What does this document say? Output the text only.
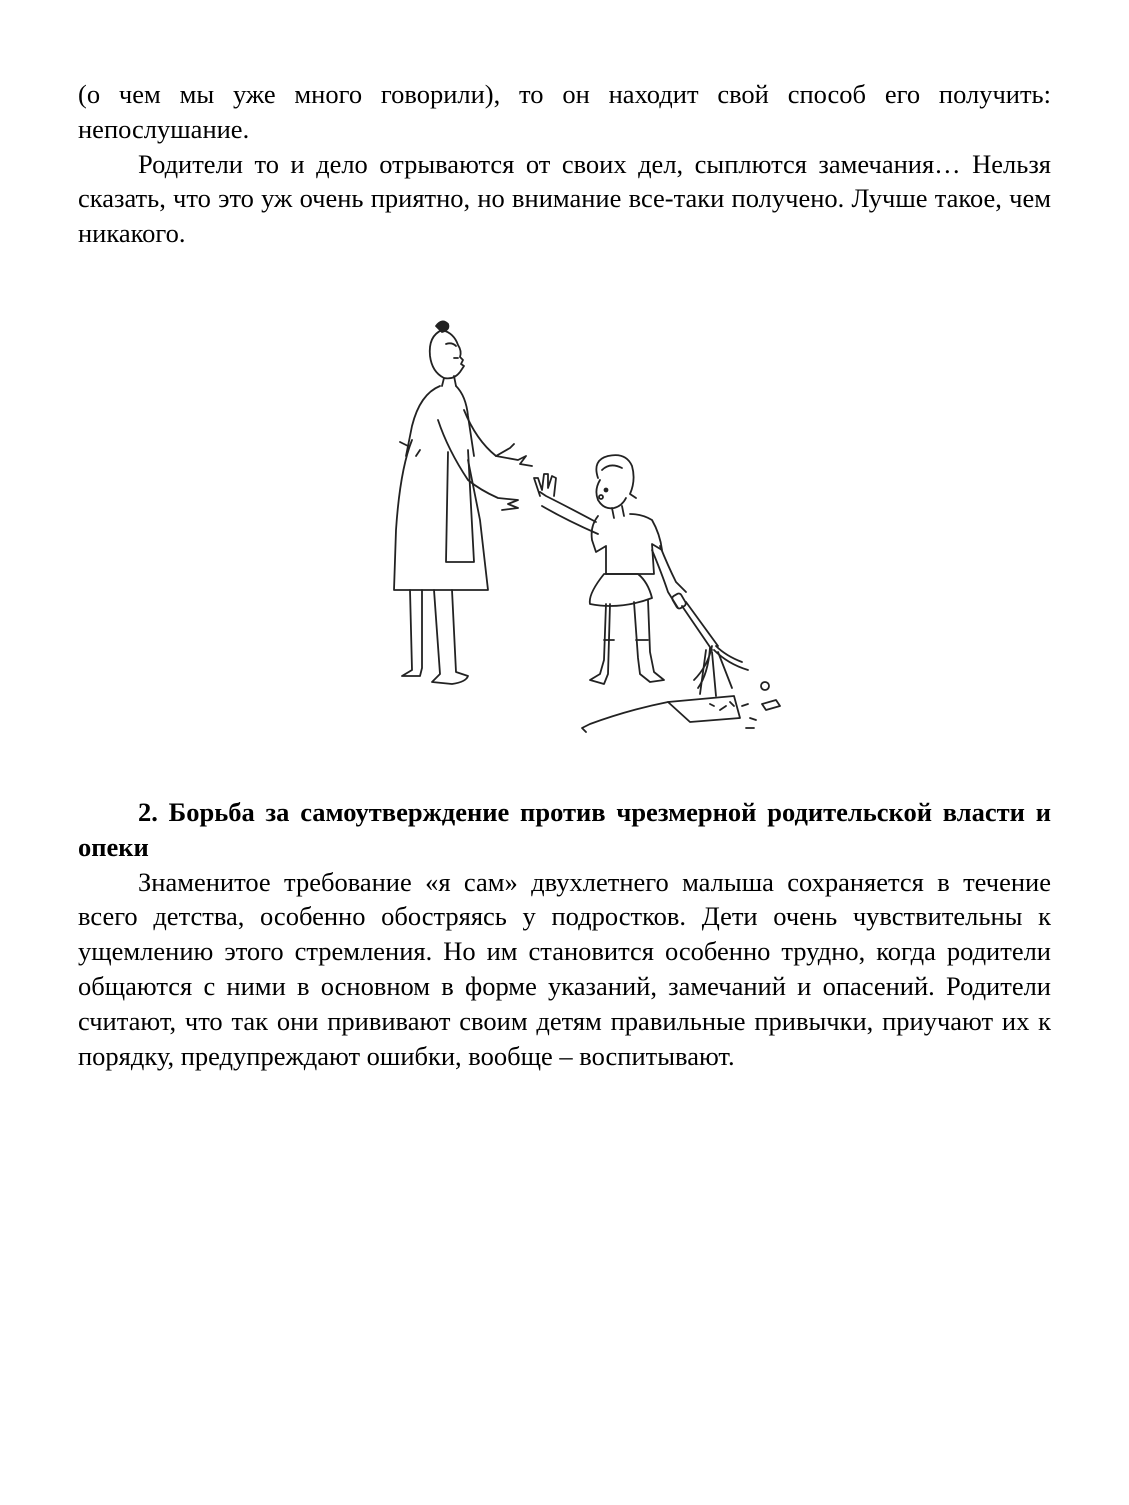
(о чем мы уже много говорили), то он находит свой способ его получить: непослушание.

Родители то и дело отрываются от своих дел, сыплются замечания… Нельзя сказать, что это уж очень приятно, но внимание все-таки получено. Лучше такое, чем никакого.

2. Борьба за самоутверждение против чрезмерной родительской власти и опеки

Знаменитое требование «я сам» двухлетнего малыша сохраняется в течение всего детства, особенно обостряясь у подростков. Дети очень чувствительны к ущемлению этого стремления. Но им становится особенно трудно, когда родители общаются с ними в основном в форме указаний, замечаний и опасений. Родители считают, что так они прививают своим детям правильные привычки, приучают их к порядку, предупреждают ошибки, вообще – воспитывают.
